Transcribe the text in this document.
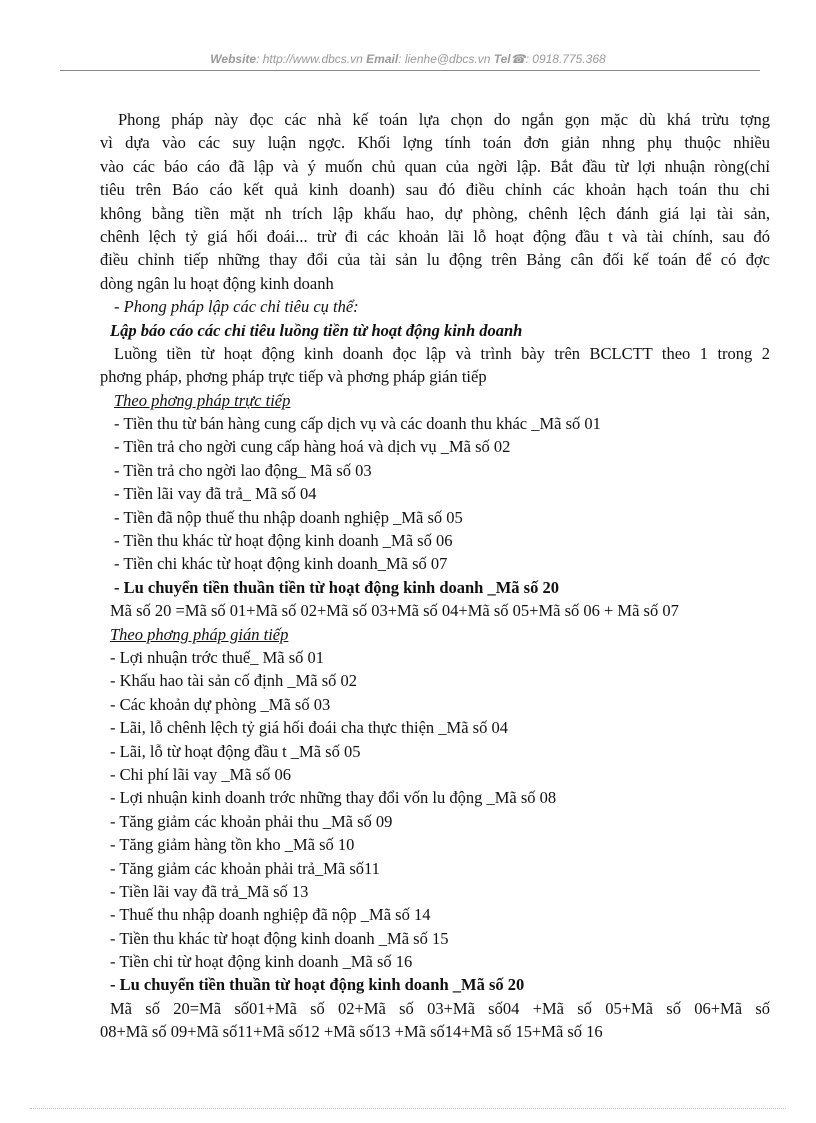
Website: http://www.dbcs.vn Email: lienhe@dbcs.vn Tel☎: 0918.775.368
Phong pháp này đọc các nhà kế toán lựa chọn do ngắn gọn mặc dù khá trừu tợng
vì dựa vào các suy luận ngợc. Khối lợng tính toán đơn giản nhng phụ thuộc nhiều
vào các báo cáo đã lập và ý muốn chủ quan của ngời lập. Bắt đầu từ lợi nhuận ròng(chỉ
tiêu trên Báo cáo kết quả kinh doanh) sau đó điều chỉnh các khoản hạch toán thu chi
không bằng tiền mặt nh trích lập khấu hao, dự phòng, chênh lệch đánh giá lại tài sản,
chênh lệch tỷ giá hối đoái... trừ đi các khoản lãi lỗ hoạt động đầu t và tài chính, sau đó
điều chỉnh tiếp những thay đổi của tài sản lu động trên Bảng cân đối kế toán để có đợc
dòng ngân lu hoạt động kinh doanh
- Phong pháp lập các chỉ tiêu cụ thể:
Lập báo cáo các chỉ tiêu luồng tiền từ hoạt động kinh doanh
Luồng tiền từ hoạt động kinh doanh đọc lập và trình bày trên BCLCTT theo 1 trong 2
phơng pháp, phơng pháp trực tiếp và phơng pháp gián tiếp
Theo phơng pháp trực tiếp
- Tiền thu từ bán hàng cung cấp dịch vụ và các doanh thu khác _Mã số 01
- Tiền trả cho ngời cung cấp hàng hoá và dịch vụ _Mã số 02
- Tiền trả cho ngời lao động_ Mã số 03
- Tiền lãi vay đã trả_ Mã số 04
- Tiền đã nộp thuế thu nhập doanh nghiệp _Mã số 05
- Tiền thu khác từ hoạt động kinh doanh _Mã số 06
- Tiền chi khác từ hoạt động kinh doanh_Mã số 07
- Lu chuyển tiền thuần tiền từ hoạt động kinh doanh _Mã số 20
Mã số 20 =Mã số 01+Mã số 02+Mã số 03+Mã số 04+Mã số 05+Mã số 06 + Mã số 07
Theo phơng pháp gián tiếp
- Lợi nhuận trớc thuế_ Mã số 01
- Khấu hao tài sản cố định _Mã số 02
- Các khoản dự phòng _Mã số 03
- Lãi, lỗ chênh lệch tỷ giá hối đoái cha thực thiện _Mã số 04
- Lãi, lỗ từ hoạt động đầu t _Mã số 05
- Chi phí lãi vay _Mã số 06
- Lợi nhuận kinh doanh trớc những thay đổi vốn lu động _Mã số 08
- Tăng giảm các khoản phải thu _Mã số 09
- Tăng giảm hàng tồn kho _Mã số 10
- Tăng giảm các khoản phải trả_Mã số11
- Tiền lãi vay đã trả_Mã số 13
- Thuế thu nhập doanh nghiệp đã nộp _Mã số 14
- Tiền thu khác từ hoạt động kinh doanh _Mã số 15
- Tiền chi từ hoạt động kinh doanh _Mã số 16
- Lu chuyển tiền thuần từ hoạt động kinh doanh _Mã số 20
Mã số 20=Mã số01+Mã số 02+Mã số 03+Mã số04 +Mã số 05+Mã số 06+Mã số
08+Mã số 09+Mã số11+Mã số12 +Mã số13 +Mã số14+Mã số 15+Mã số 16
